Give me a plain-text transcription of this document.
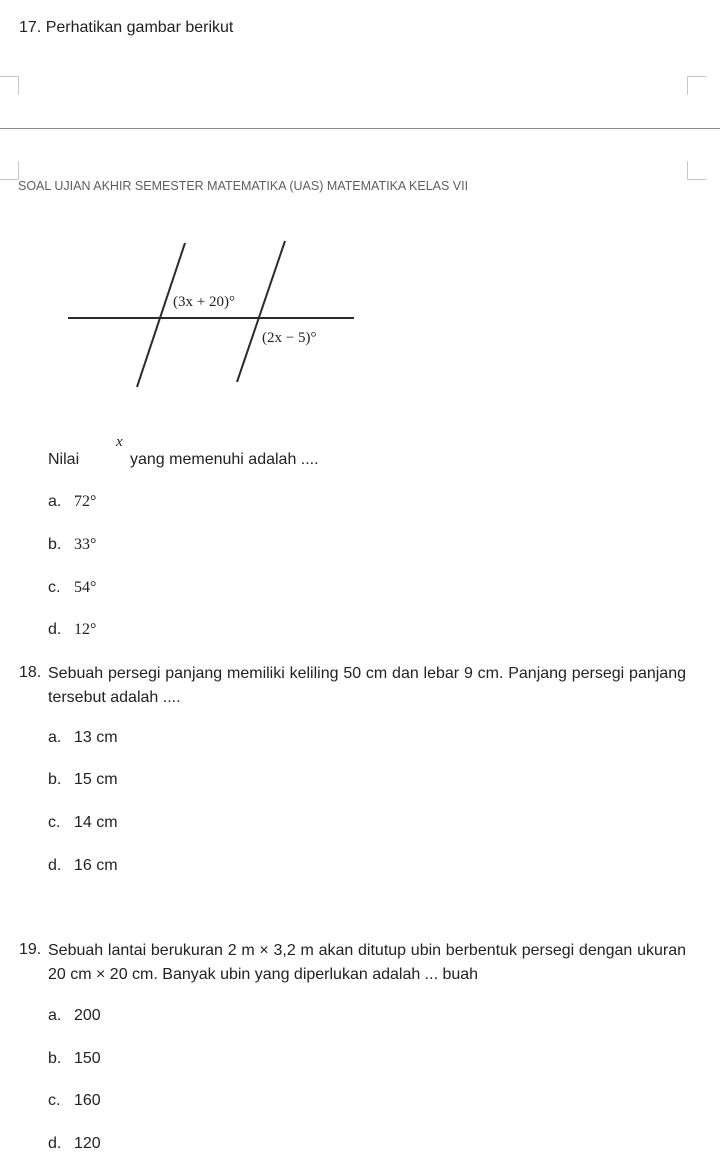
17. Perhatikan gambar berikut
SOAL UJIAN AKHIR SEMESTER MATEMATIKA (UAS) MATEMATIKA KELAS VII
(3x + 20)°
(2x − 5)°
Nilai
x
yang memenuhi adalah ....
a. 72°
b. 33°
c. 54°
d. 12°
18. Sebuah persegi panjang memiliki keliling 50 cm dan lebar 9 cm. Panjang persegi panjang tersebut adalah ....
a. 13 cm
b. 15 cm
c. 14 cm
d. 16 cm
19. Sebuah lantai berukuran 2 m × 3,2 m akan ditutup ubin berbentuk persegi dengan ukuran 20 cm × 20 cm. Banyak ubin yang diperlukan adalah ... buah
a. 200
b. 150
c. 160
d. 120
